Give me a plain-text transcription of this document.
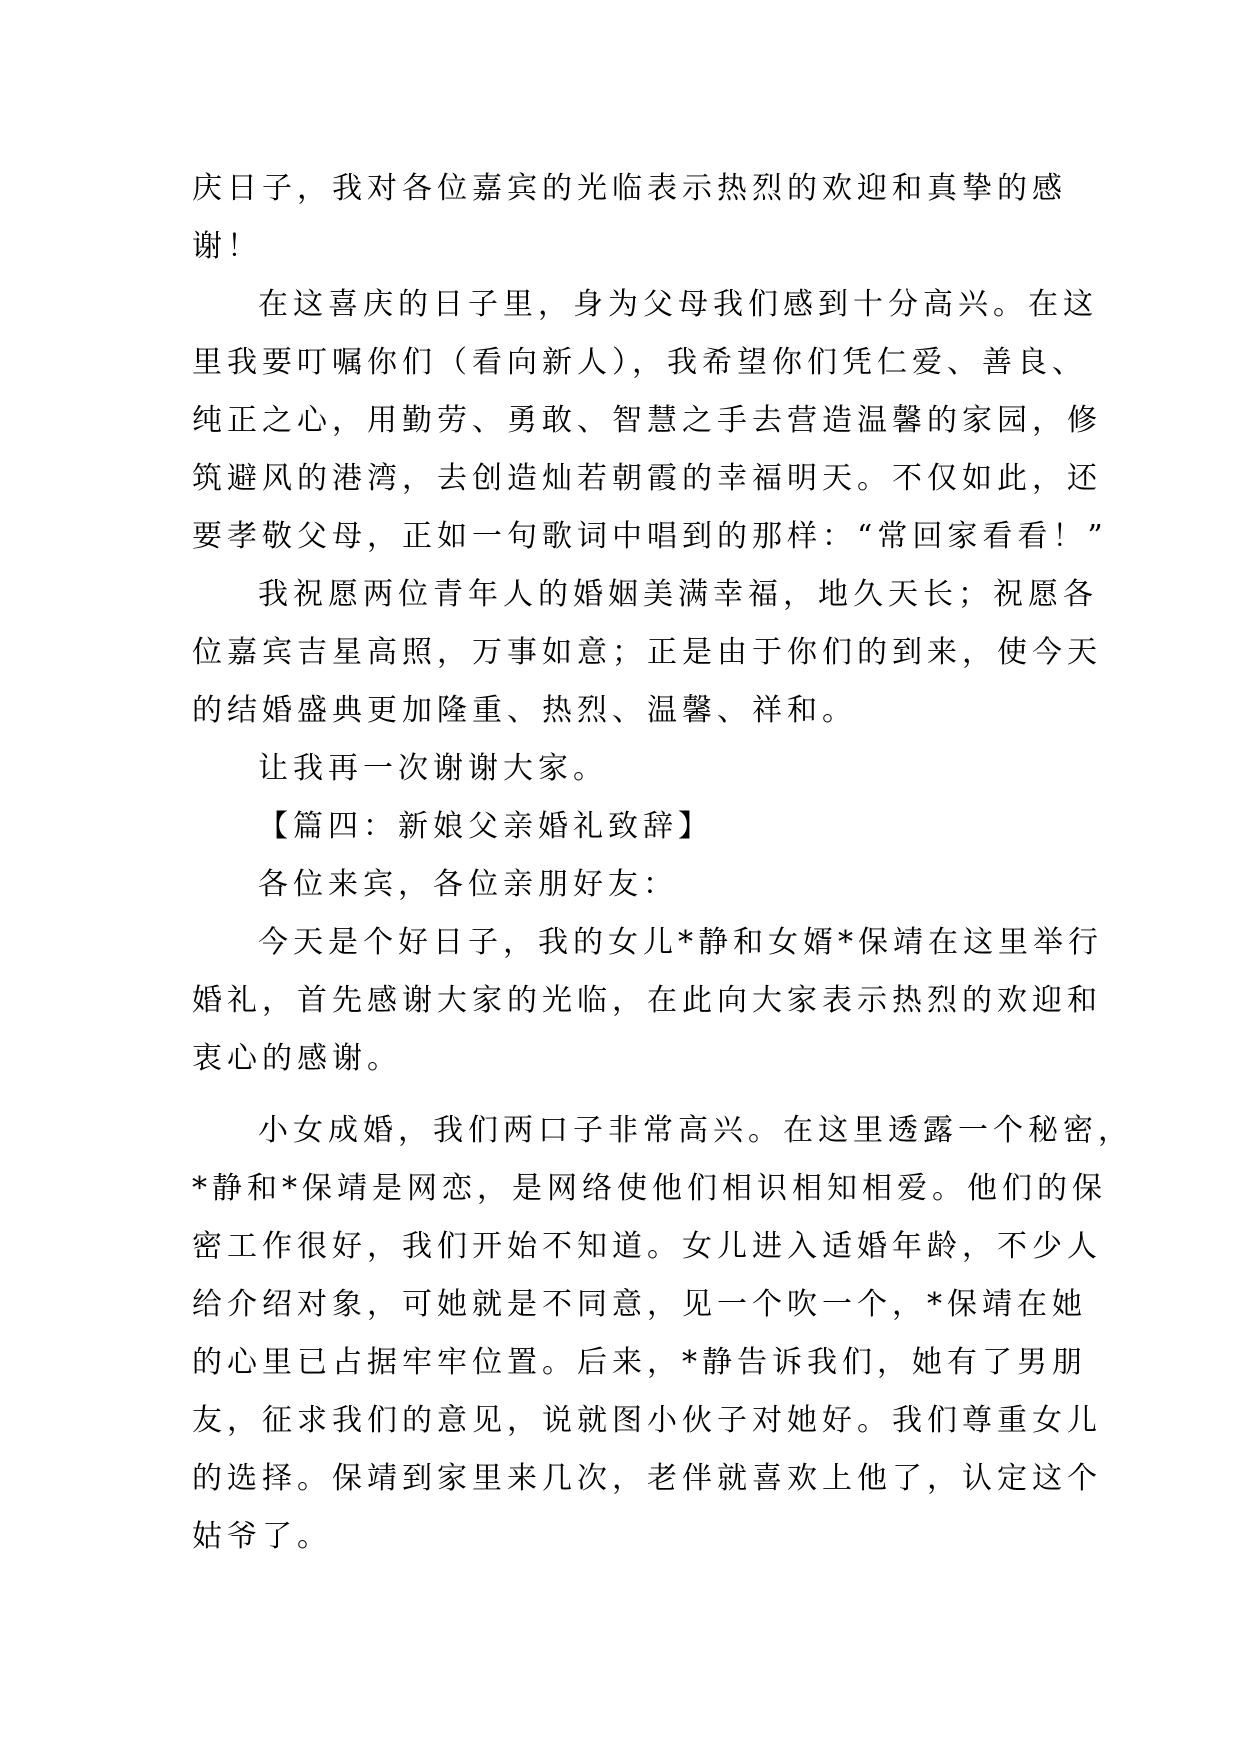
庆日子，我对各位嘉宾的光临表示热烈的欢迎和真挚的感
谢！
在这喜庆的日子里，身为父母我们感到十分高兴。在这
里我要叮嘱你们（看向新人），我希望你们凭仁爱、善良、
纯正之心，用勤劳、勇敢、智慧之手去营造温馨的家园，修
筑避风的港湾，去创造灿若朝霞的幸福明天。不仅如此，还
要孝敬父母，正如一句歌词中唱到的那样：“常回家看看！”
我祝愿两位青年人的婚姻美满幸福，地久天长；祝愿各
位嘉宾吉星高照，万事如意；正是由于你们的到来，使今天
的结婚盛典更加隆重、热烈、温馨、祥和。
让我再一次谢谢大家。
【篇四：新娘父亲婚礼致辞】
各位来宾，各位亲朋好友：
今天是个好日子，我的女儿*静和女婿*保靖在这里举行
婚礼，首先感谢大家的光临，在此向大家表示热烈的欢迎和
衷心的感谢。
小女成婚，我们两口子非常高兴。在这里透露一个秘密，
*静和*保靖是网恋，是网络使他们相识相知相爱。他们的保
密工作很好，我们开始不知道。女儿进入适婚年龄，不少人
给介绍对象，可她就是不同意，见一个吹一个，*保靖在她
的心里已占据牢牢位置。后来，*静告诉我们，她有了男朋
友，征求我们的意见，说就图小伙子对她好。我们尊重女儿
的选择。保靖到家里来几次，老伴就喜欢上他了，认定这个
姑爷了。
